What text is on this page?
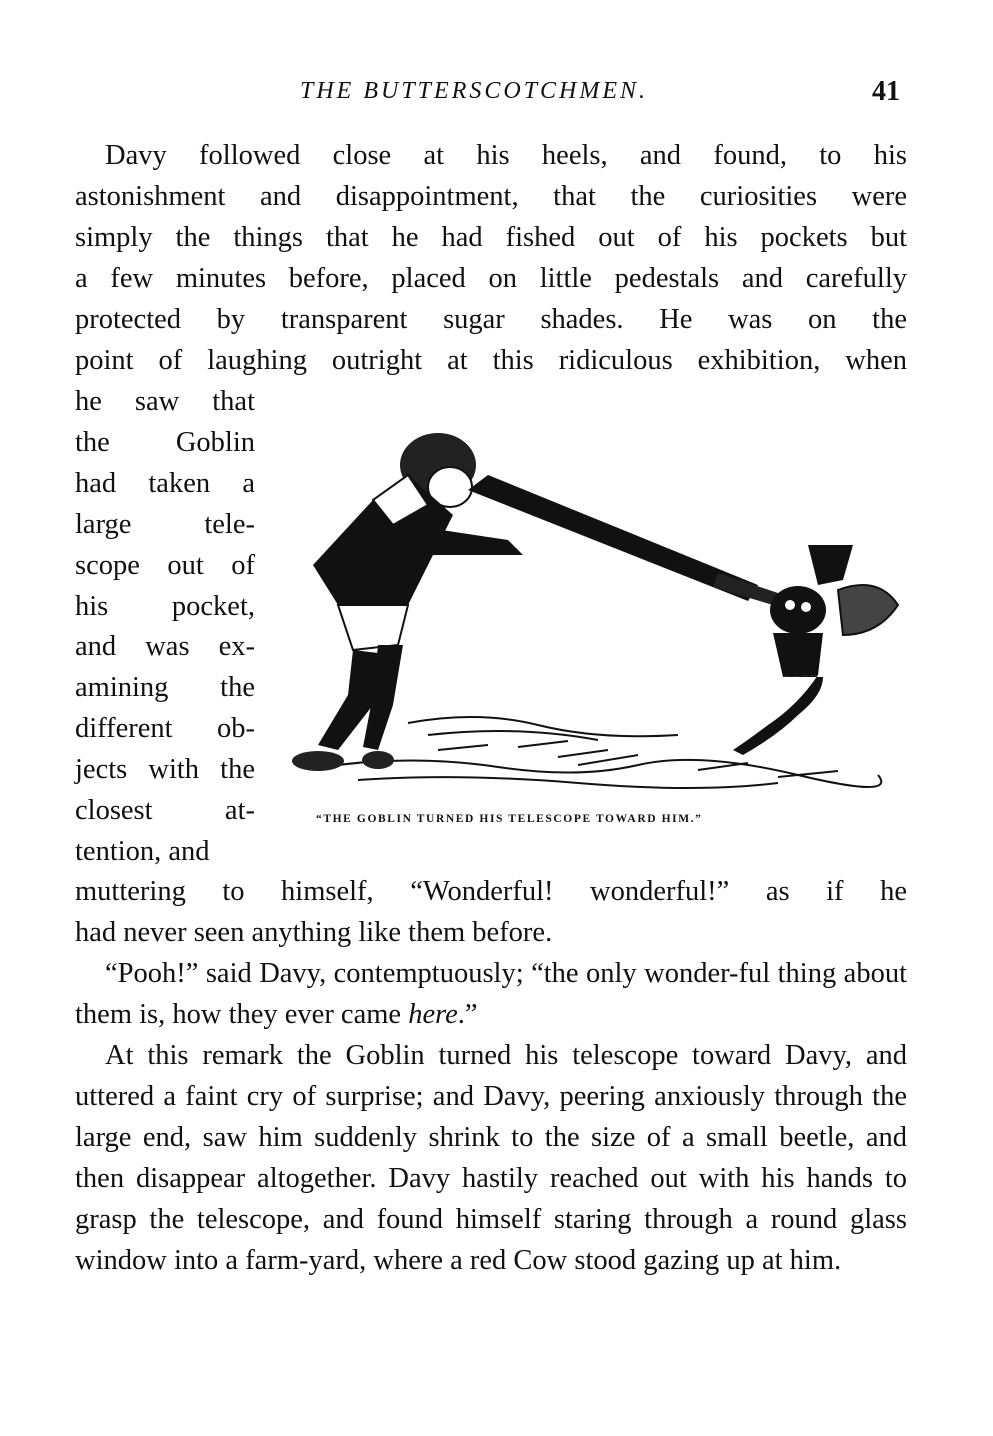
THE BUTTERSCOTCHMEN.	41
Davy followed close at his heels, and found, to his
astonishment and disappointment, that the curiosities were
simply the things that he had fished out of his pockets but
a few minutes before, placed on little pedestals and carefully
protected by transparent sugar shades. He was on the
point of laughing outright at this ridiculous exhibition, when
he saw that
the Goblin
had taken a
large tele-
scope out of
his pocket,
and was ex-
amining the
different ob-
jects with the
closest at-
tention, and
“THE GOBLIN TURNED HIS TELESCOPE TOWARD HIM.”
muttering to himself, “Wonderful! wonderful!” as if he
had never seen anything like them before.
“Pooh!” said Davy, contemptuously; “the only wonder-ful thing about them is, how they ever came here.”
At this remark the Goblin turned his telescope toward Davy, and uttered a faint cry of surprise; and Davy, peering anxiously through the large end, saw him suddenly shrink to the size of a small beetle, and then disappear altogether. Davy hastily reached out with his hands to grasp the telescope, and found himself staring through a round glass window into a farm-yard, where a red Cow stood gazing up at him.
